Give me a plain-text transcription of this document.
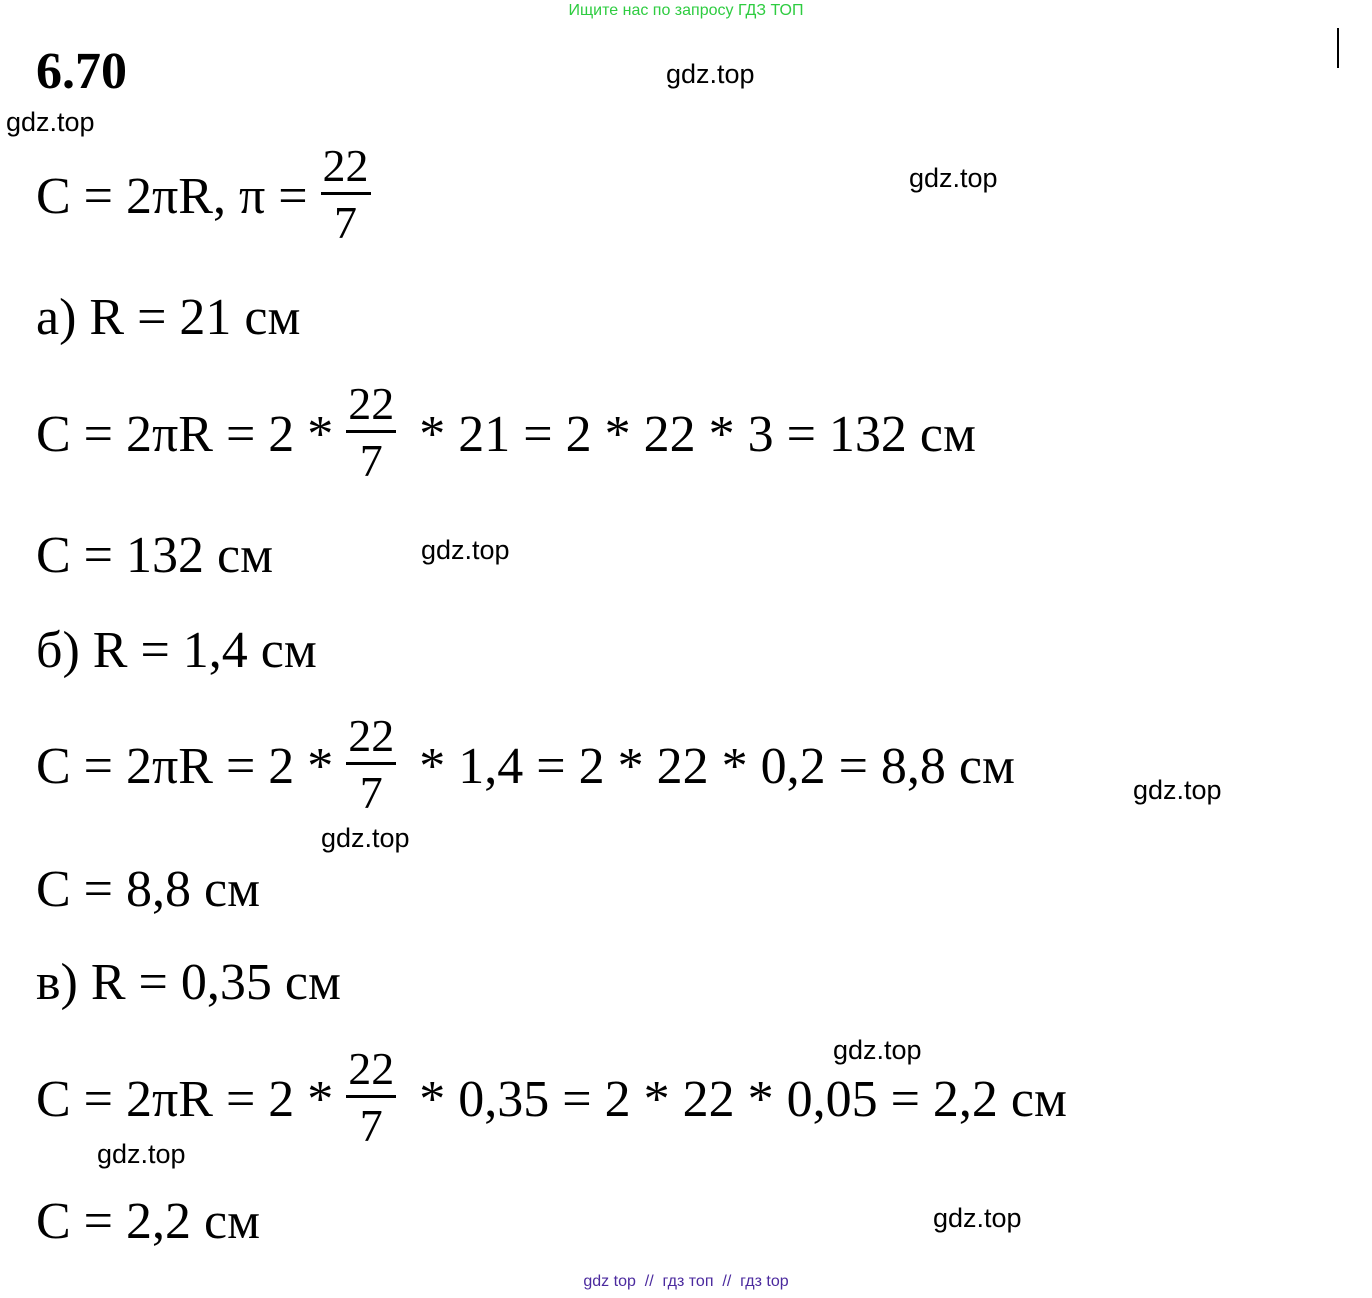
Ищите нас по запросу ГДЗ ТОП
6.70	gdz.top
gdz.top
gdz.top
gdz.top
gdz.top
gdz.top
gdz.top
gdz.top
gdz.top
C = 2πR, $\pi = \frac{22}{7}$
а) R = 21 см
$C = 2\pi R = 2 * \frac{22}{7} * 21 = 2 * 22 * 3 = 132$ см
C = 132 см
б) R = 1,4 см
$C = 2\pi R = 2 * \frac{22}{7} * 1,4 = 2 * 22 * 0,2 = 8,8$ см
C = 8,8 см
в) R = 0,35 см
$C = 2\pi R = 2 * \frac{22}{7} * 0,35 = 2 * 22 * 0,05 = 2,2$ см
C = 2,2 см
gdz top  //  гдз топ  //  гдз top
